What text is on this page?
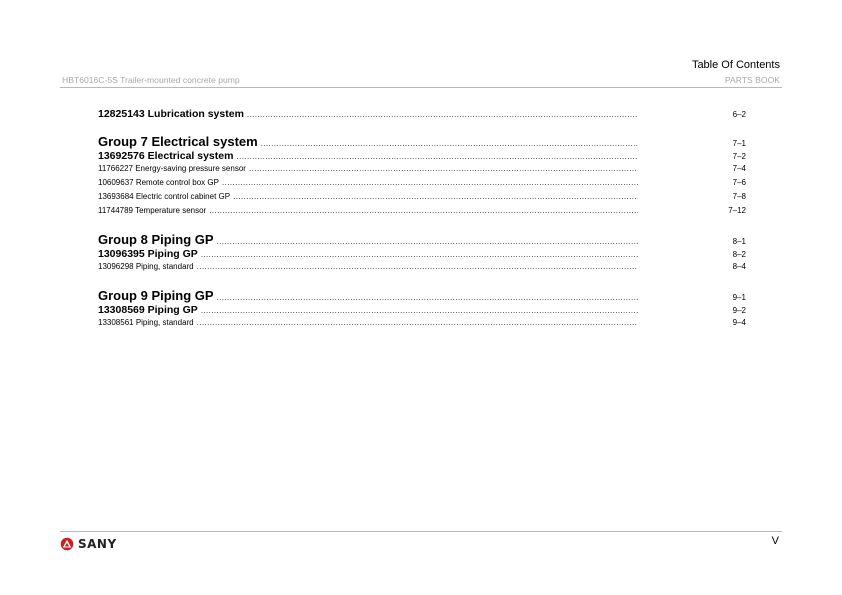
HBT6016C-5S Trailer-mounted concrete pump
Table Of Contents
PARTS BOOK
12825143 Lubrication system .....	6–2
Group 7 Electrical system .....	7–1
13692576 Electrical system .....	7–2
11766227 Energy-saving pressure sensor .....	7–4
10609637 Remote control box GP .....	7–6
13693684 Electric control cabinet GP .....	7–8
11744789 Temperature sensor .....	7–12
Group 8 Piping GP .....	8–1
13096395 Piping GP .....	8–2
13096298 Piping, standard .....	8–4
Group 9 Piping GP .....	9–1
13308569 Piping GP .....	9–2
13308561 Piping, standard .....	9–4
SANY	V
